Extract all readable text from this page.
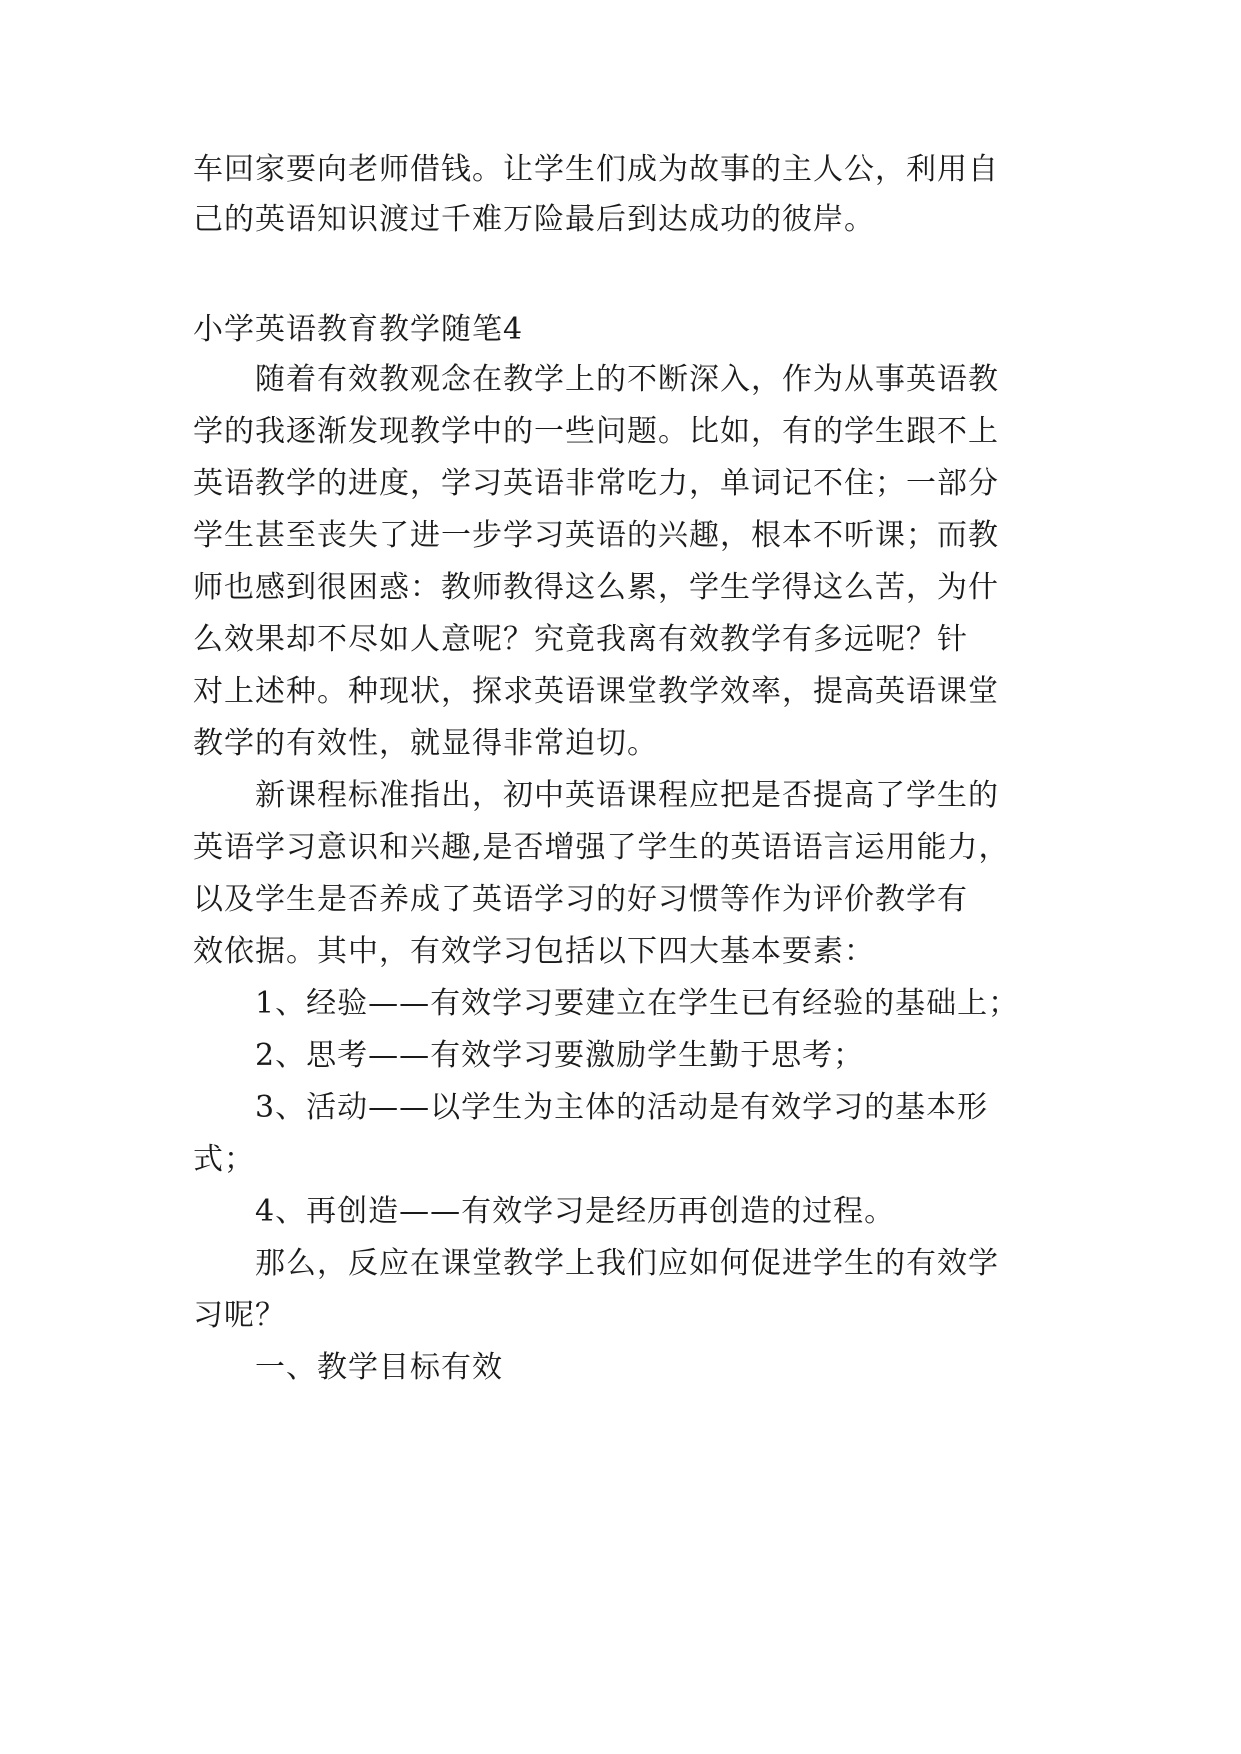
车回家要向老师借钱。让学生们成为故事的主人公，利用自
己的英语知识渡过千难万险最后到达成功的彼岸。
小学英语教育教学随笔4
随着有效教观念在教学上的不断深入，作为从事英语教
学的我逐渐发现教学中的一些问题。比如，有的学生跟不上
英语教学的进度，学习英语非常吃力，单词记不住；一部分
学生甚至丧失了进一步学习英语的兴趣，根本不听课；而教
师也感到很困惑：教师教得这么累，学生学得这么苦，为什
么效果却不尽如人意呢？究竟我离有效教学有多远呢？针
对上述种。种现状，探求英语课堂教学效率，提高英语课堂
教学的有效性，就显得非常迫切。
新课程标准指出，初中英语课程应把是否提高了学生的
英语学习意识和兴趣,是否增强了学生的英语语言运用能力，
以及学生是否养成了英语学习的好习惯等作为评价教学有
效依据。其中，有效学习包括以下四大基本要素：
1、经验——有效学习要建立在学生已有经验的基础上；
2、思考——有效学习要激励学生勤于思考；
3、活动——以学生为主体的活动是有效学习的基本形
式；
4、再创造——有效学习是经历再创造的过程。
那么，反应在课堂教学上我们应如何促进学生的有效学
习呢？
一、教学目标有效
